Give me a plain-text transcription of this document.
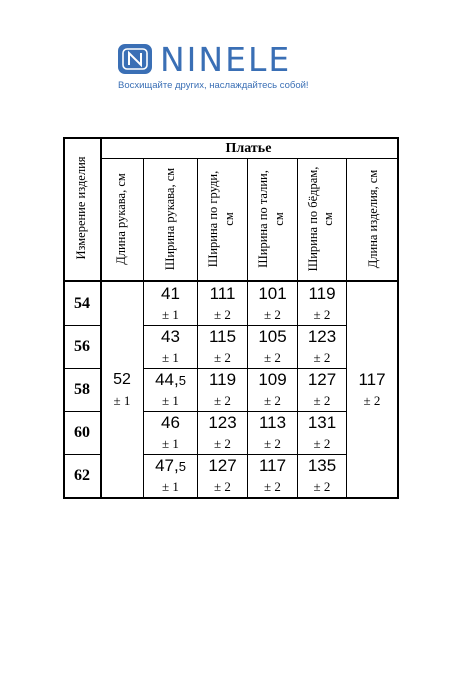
NINELE
Восхищайте других, наслаждайтесь собой!
Измерение изделия
Платье
Длина рукава, см	Ширина рукава, см Ширина по груди, см Ширина по талии, см Ширина по бёдрам, см Длина изделия, см
54
56
58
60
62
52
± 1
117
± 2
41
± 1
111
± 2
101
± 2
119
± 2
43
± 1
115
± 2
105
± 2
123
± 2
44,5
± 1
119
± 2
109
± 2
127
± 2
46
± 1
123
± 2
113
± 2
131
± 2
47,5
± 1
127
± 2
117
± 2
135
± 2
